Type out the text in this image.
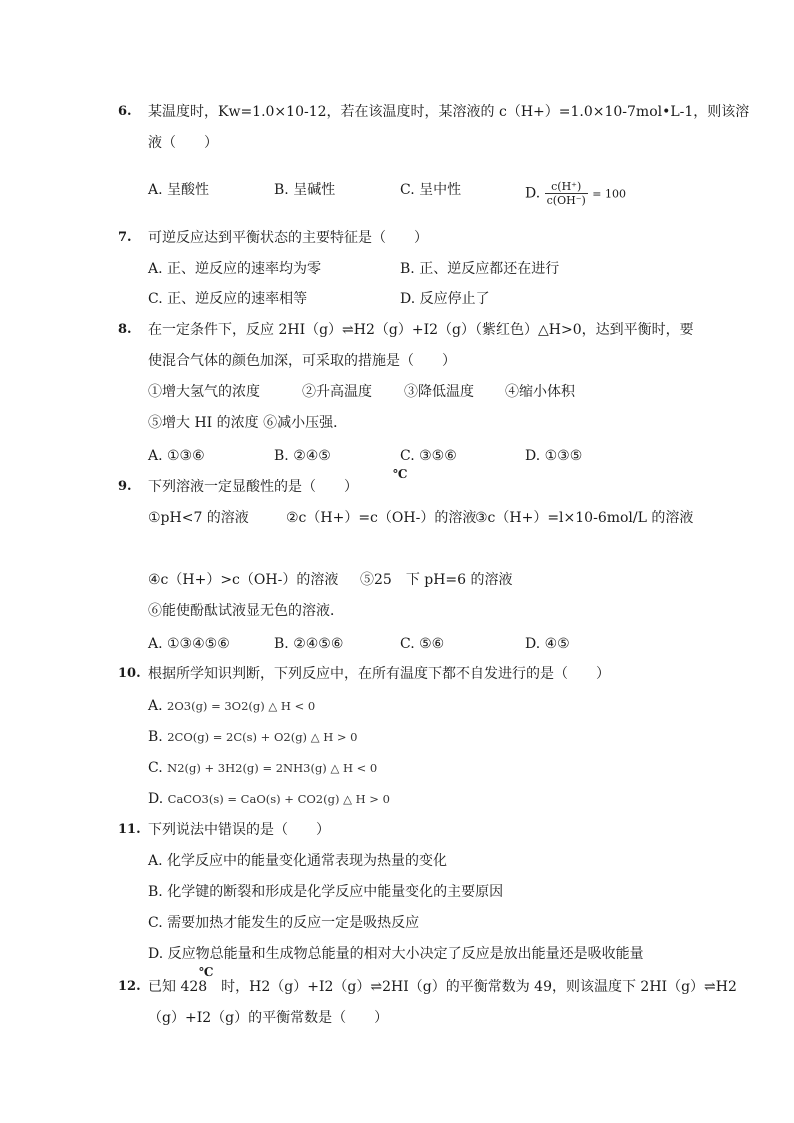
6.	某温度时，Kw=1.0×10-12，若在该温度时，某溶液的 c（H+）=1.0×10-7mol•L-1，则该溶
液（　　）
A. 呈酸性	B. 呈碱性	C. 呈中性	D. $\frac{c(H^+)}{c(OH^-)} = 100$
7.	可逆反应达到平衡状态的主要特征是（　　）
A. 正、逆反应的速率均为零	B. 正、逆反应都还在进行
C. 正、逆反应的速率相等	D. 反应停止了
8.	在一定条件下，反应 2HI（g）⇌H2（g）+I2（g）（紫红色）△H>0，达到平衡时，要
使混合气体的颜色加深，可采取的措施是（　　）
①增大氢气的浓度	②升高温度 ③降低温度 ④缩小体积
⑤增大 HI 的浓度 ⑥减小压强．
A. ①③⑥	B. ②④⑤	C. ③⑤⑥	D. ①③⑤
9.	下列溶液一定显酸性的是（　　）
℃
①pH<7 的溶液	②c（H+）=c（OH-）的溶液
③c（H+）=l×10-6mol/L 的溶液
④c（H+）>c（OH-）的溶液 ⑤25　下 pH=6 的溶液
⑥能使酚酞试液显无色的溶液．
A. ①③④⑤⑥	B. ②④⑤⑥	C. ⑤⑥	D. ④⑤
10. 根据所学知识判断，下列反应中，在所有温度下都不自发进行的是（　　）
A. 2O3(g) = 3O2(g) △ H < 0
B. 2CO(g) = 2C(s) + O2(g) △ H > 0
C. N2(g) + 3H2(g) = 2NH3(g) △ H < 0
D. CaCO3(s) = CaO(s) + CO2(g) △ H > 0
11. 下列说法中错误的是（　　）
A. 化学反应中的能量变化通常表现为热量的变化
B. 化学键的断裂和形成是化学反应中能量变化的主要原因
C. 需要加热才能发生的反应一定是吸热反应
D. 反应物总能量和生成物总能量的相对大小决定了反应是放出能量还是吸收能量
12.
℃
已知 428　时，H2（g）+I2（g）⇌2HI（g）的平衡常数为 49，则该温度下 2HI（g）⇌H2
（g）+I2（g）的平衡常数是（　　）
